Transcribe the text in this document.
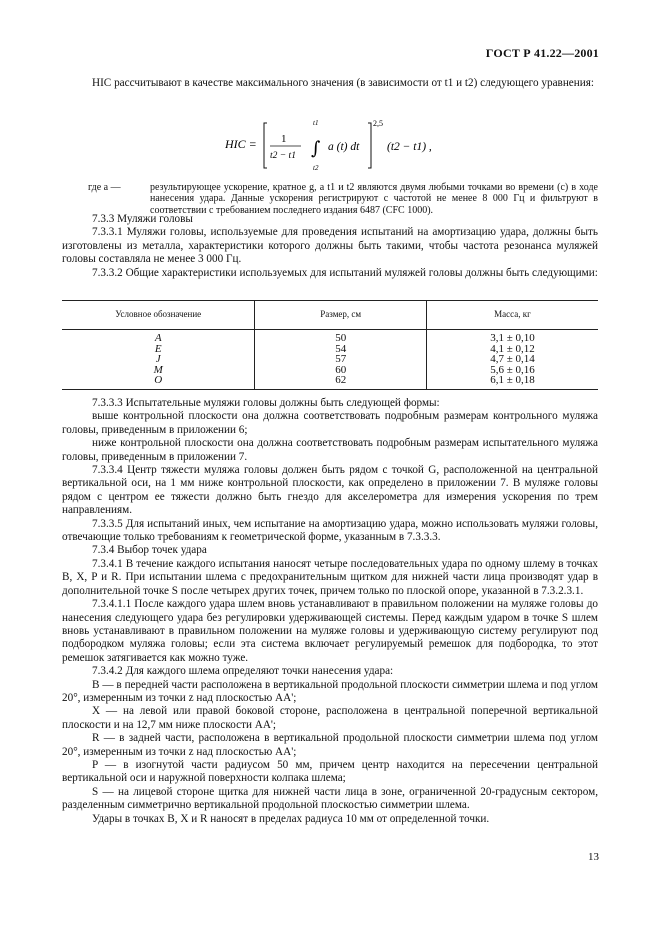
ГОСТ Р 41.22—2001

HIC рассчитывают в качестве максимального значения (в зависимости от t1 и t2) следующего уравнения:

HIC = 1
t2 − t1
t1
∫
t2
a (t) dt
2,5
(t2 − t1) ,
где a —	результирующее ускорение, кратное g, a t1 и t2 являются двумя любыми точками во времени (с) в ходе нанесения удара. Данные ускорения регистрируют с частотой не менее 8 000 Гц и фильтруют в соответствии с требованием последнего издания 6487 (CFC 1000).

7.3.3 Муляжи головы

7.3.3.1 Муляжи головы, используемые для проведения испытаний на амортизацию удара, должны быть изготовлены из металла, характеристики которого должны быть такими, чтобы частота резонанса муляжей головы составляла не менее 3 000 Гц.

7.3.3.2 Общие характеристики используемых для испытаний муляжей головы должны быть следующими:

Условное обозначение	Размер, см	Масса, кг
A	50	3,1 ± 0,10
E	54	4,1 ± 0,12
J	57	4,7 ± 0,14
M	60	5,6 ± 0,16
O	62	6,1 ± 0,18

7.3.3.3 Испытательные муляжи головы должны быть следующей формы:

выше контрольной плоскости она должна соответствовать подробным размерам контрольного муляжа головы, приведенным в приложении 6;

ниже контрольной плоскости она должна соответствовать подробным размерам испытательного муляжа головы, приведенным в приложении 7.

7.3.3.4 Центр тяжести муляжа головы должен быть рядом с точкой G, расположенной на центральной вертикальной оси, на 1 мм ниже контрольной плоскости, как определено в приложении 7. В муляже головы рядом с центром ее тяжести должно быть гнездо для акселерометра для измерения ускорения по трем направлениям.

7.3.3.5 Для испытаний иных, чем испытание на амортизацию удара, можно использовать муляжи головы, отвечающие только требованиям к геометрической форме, указанным в 7.3.3.3.

7.3.4 Выбор точек удара

7.3.4.1 В течение каждого испытания наносят четыре последовательных удара по одному шлему в точках B, X, P и R. При испытании шлема с предохранительным щитком для нижней части лица производят удар в дополнительной точке S после четырех других точек, причем только по плоской опоре, указанной в 7.3.2.3.1.

7.3.4.1.1 После каждого удара шлем вновь устанавливают в правильном положении на муляже головы до нанесения следующего удара без регулировки удерживающей системы. Перед каждым ударом в точке S шлем вновь устанавливают в правильном положении на муляже головы и удерживающую систему регулируют под подбородком муляжа головы; если эта система включает регулируемый ремешок для подбородка, то этот ремешок затягивается как можно туже.

7.3.4.2 Для каждого шлема определяют точки нанесения удара:

B — в передней части расположена в вертикальной продольной плоскости симметрии шлема и под углом 20°, измеренным из точки z над плоскостью AA';

X — на левой или правой боковой стороне, расположена в центральной поперечной вертикальной плоскости и на 12,7 мм ниже плоскости AA';

R — в задней части, расположена в вертикальной продольной плоскости симметрии шлема под углом 20°, измеренным из точки z над плоскостью AA';

P — в изогнутой части радиусом 50 мм, причем центр находится на пересечении центральной вертикальной оси и наружной поверхности колпака шлема;

S — на лицевой стороне щитка для нижней части лица в зоне, ограниченной 20-градусным сектором, разделенным симметрично вертикальной продольной плоскостью симметрии шлема.

Удары в точках B, X и R наносят в пределах радиуса 10 мм от определенной точки.

13
